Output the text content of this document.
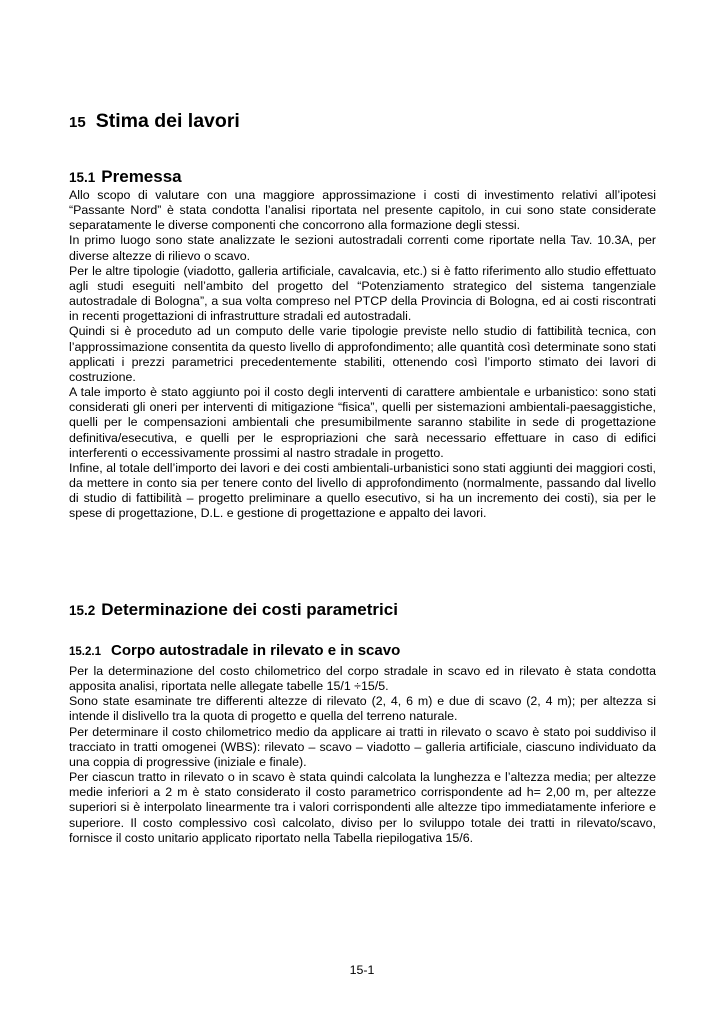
15 Stima dei lavori
15.1 Premessa

Allo scopo di valutare con una maggiore approssimazione i costi di investimento relativi all’ipotesi “Passante Nord” è stata condotta l’analisi riportata nel presente capitolo, in cui sono state considerate separatamente le diverse componenti che concorrono alla formazione degli stessi.

In primo luogo sono state analizzate le sezioni autostradali correnti come riportate nella Tav. 10.3A, per diverse altezze di rilievo o scavo.

Per le altre tipologie (viadotto, galleria artificiale, cavalcavia, etc.) si è fatto riferimento allo studio effettuato agli studi eseguiti nell’ambito del progetto del “Potenziamento strategico del sistema tangenziale autostradale di Bologna”, a sua volta compreso nel PTCP della Provincia di Bologna, ed ai costi riscontrati in recenti progettazioni di infrastrutture stradali ed autostradali.

Quindi si è proceduto ad un computo delle varie tipologie previste nello studio di fattibilità tecnica, con l’approssimazione consentita da questo livello di approfondimento; alle quantità così determinate sono stati applicati i prezzi parametrici precedentemente stabiliti, ottenendo così l’importo stimato dei lavori di costruzione.

A tale importo è stato aggiunto poi il costo degli interventi di carattere ambientale e urbanistico: sono stati considerati gli oneri per interventi di mitigazione “fisica”, quelli per sistemazioni ambientali-paesaggistiche, quelli per le compensazioni ambientali che presumibilmente saranno stabilite in sede di progettazione definitiva/esecutiva, e quelli per le espropriazioni che sarà necessario effettuare in caso di edifici interferenti o eccessivamente prossimi al nastro stradale in progetto.

Infine, al totale dell’importo dei lavori e dei costi ambientali-urbanistici sono stati aggiunti dei maggiori costi, da mettere in conto sia per tenere conto del livello di approfondimento (normalmente, passando dal livello di studio di fattibilità – progetto preliminare a quello esecutivo, si ha un incremento dei costi), sia per le spese di progettazione, D.L. e gestione di progettazione e appalto dei lavori.

15.2 Determinazione dei costi parametrici
15.2.1 Corpo autostradale in rilevato e in scavo

Per la determinazione del costo chilometrico del corpo stradale in scavo ed in rilevato è stata condotta apposita analisi, riportata nelle allegate tabelle 15/1 ÷15/5.

Sono state esaminate tre differenti altezze di rilevato (2, 4, 6 m) e due di scavo (2, 4 m); per altezza si intende il dislivello tra la quota di progetto e quella del terreno naturale.

Per determinare il costo chilometrico medio da applicare ai tratti in rilevato o scavo è stato poi suddiviso il tracciato in tratti omogenei (WBS): rilevato – scavo – viadotto – galleria artificiale, ciascuno individuato da una coppia di progressive (iniziale e finale).

Per ciascun tratto in rilevato o in scavo è stata quindi calcolata la lunghezza e l’altezza media; per altezze medie inferiori a 2 m è stato considerato il costo parametrico corrispondente ad h= 2,00 m, per altezze superiori si è interpolato linearmente tra i valori corrispondenti alle altezze tipo immediatamente inferiore e superiore. Il costo complessivo così calcolato, diviso per lo sviluppo totale dei tratti in rilevato/scavo, fornisce il costo unitario applicato riportato nella Tabella riepilogativa 15/6.

15-1
